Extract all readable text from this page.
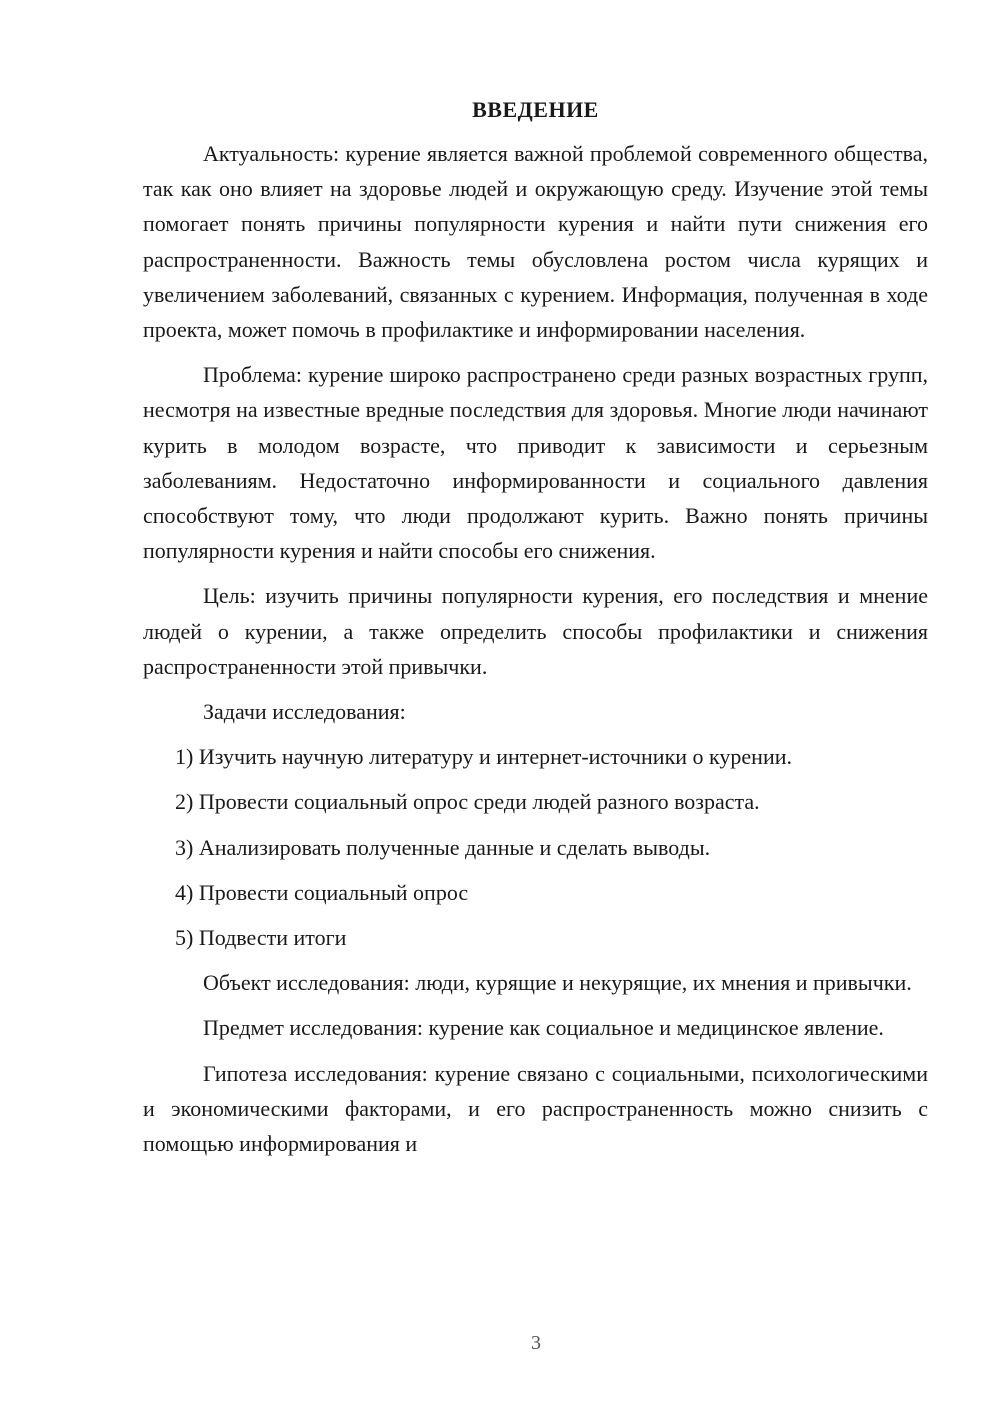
ВВЕДЕНИЕ

Актуальность: курение является важной проблемой современного общества, так как оно влияет на здоровье людей и окружающую среду. Изучение этой темы помогает понять причины популярности курения и найти пути снижения его распространенности. Важность темы обусловлена ростом числа курящих и увеличением заболеваний, связанных с курением. Информация, полученная в ходе проекта, может помочь в профилактике и информировании населения.

Проблема: курение широко распространено среди разных возрастных групп, несмотря на известные вредные последствия для здоровья. Многие люди начинают курить в молодом возрасте, что приводит к зависимости и серьезным заболеваниям. Недостаточно информированности и социального давления способствуют тому, что люди продолжают курить. Важно понять причины популярности курения и найти способы его снижения.

Цель: изучить причины популярности курения, его последствия и мнение людей о курении, а также определить способы профилактики и снижения распространенности этой привычки.

Задачи исследования:

1) Изучить научную литературу и интернет-источники о курении.
2) Провести социальный опрос среди людей разного возраста.
3) Анализировать полученные данные и сделать выводы.
4) Провести социальный опрос
5) Подвести итоги

Объект исследования: люди, курящие и некурящие, их мнения и привычки.

Предмет исследования: курение как социальное и медицинское явление.

Гипотеза исследования: курение связано с социальными, психологическими и экономическими факторами, и его распространенность можно снизить с помощью информирования и

3
